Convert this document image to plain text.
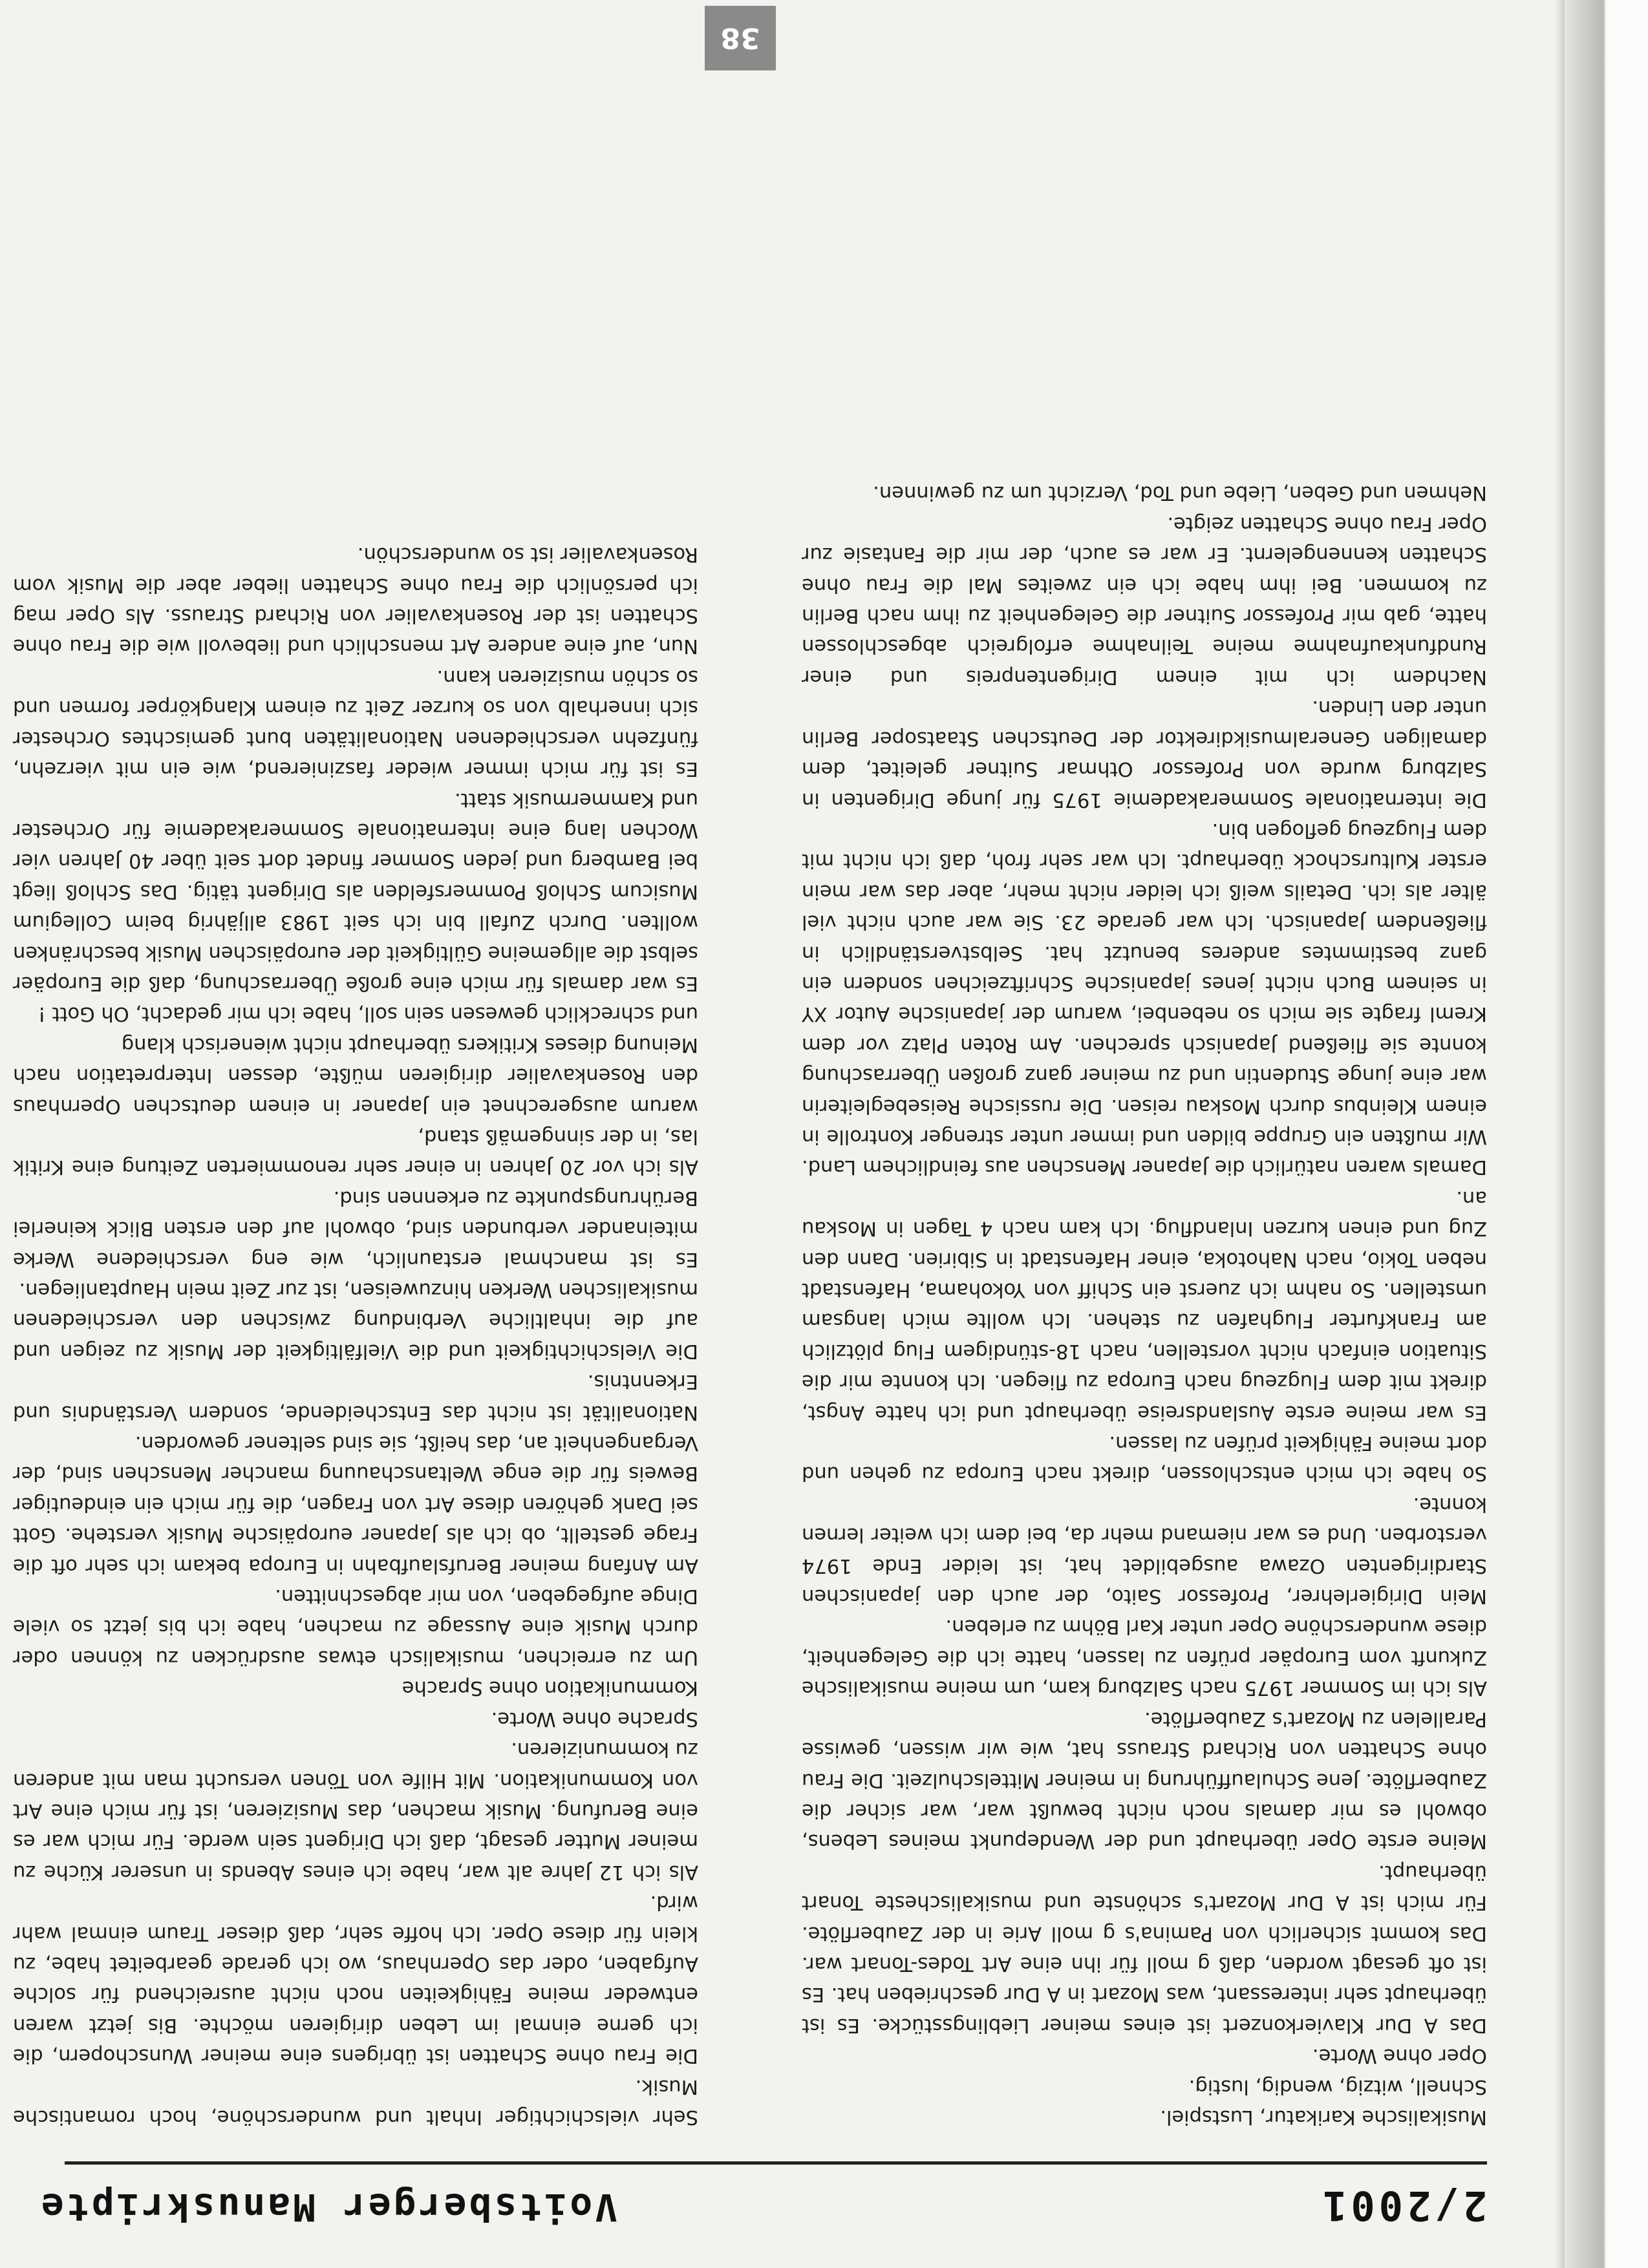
2/2001
Voitsberger Manuskripte

Musikalische Karikatur, Lustspiel.

Schnell, witzig, wendig, lustig.

Oper ohne Worte.

Das A Dur Klavierkonzert ist eines meiner Lieblingsstücke. Es ist überhaupt sehr interessant, was Mozart in A Dur geschrieben hat. Es ist oft gesagt worden, daß g moll für ihn eine Art Todes-Tonart war. Das kommt sicherlich von Pamina's g moll Arie in der Zauberflöte. Für mich ist A Dur Mozart's schönste und musikalischeste Tonart überhaupt.

Meine erste Oper überhaupt und der Wendepunkt meines Lebens, obwohl es mir damals noch nicht bewußt war, war sicher die Zauberflöte. Jene Schulaufführung in meiner Mittelschulzeit. Die Frau ohne Schatten von Richard Strauss hat, wie wir wissen, gewisse Parallelen zu Mozart's Zauberflöte.

Als ich im Sommer 1975 nach Salzburg kam, um meine musikalische Zukunft vom Europäer prüfen zu lassen, hatte ich die Gelegenheit, diese wunderschöne Oper unter Karl Böhm zu erleben.

Mein Dirigierlehrer, Professor Saito, der auch den japanischen Stardirigenten Ozawa ausgebildet hat, ist leider Ende 1974 verstorben. Und es war niemand mehr da, bei dem ich weiter lernen konnte.

So habe ich mich entschlossen, direkt nach Europa zu gehen und dort meine Fähigkeit prüfen zu lassen.

Es war meine erste Auslandsreise überhaupt und ich hatte Angst, direkt mit dem Flugzeug nach Europa zu fliegen. Ich konnte mir die Situation einfach nicht vorstellen, nach 18-stündigem Flug plötzlich am Frankfurter Flughafen zu stehen. Ich wollte mich langsam umstellen. So nahm ich zuerst ein Schiff von Yokohama, Hafenstadt neben Tokio, nach Nahotoka, einer Hafenstadt in Sibirien. Dann den Zug und einen kurzen Inlandflug. Ich kam nach 4 Tagen in Moskau an.

Damals waren natürlich die Japaner Menschen aus feindlichem Land. Wir mußten ein Gruppe bilden und immer unter strenger Kontrolle in einem Kleinbus durch Moskau reisen. Die russische Reisebegleiterin war eine junge Studentin und zu meiner ganz großen Überraschung konnte sie fließend Japanisch sprechen. Am Roten Platz vor dem Kreml fragte sie mich so nebenbei, warum der japanische Autor XY in seinem Buch nicht jenes japanische Schriftzeichen sondern ein ganz bestimmtes anderes benutzt hat. Selbstverständlich in fließendem Japanisch. Ich war gerade 23. Sie war auch nicht viel älter als ich. Details weiß ich leider nicht mehr, aber das war mein erster Kulturschock überhaupt. Ich war sehr froh, daß ich nicht mit dem Flugzeug geflogen bin.

Die internationale Sommerakademie 1975 für junge Dirigenten in Salzburg wurde von Professor Othmar Suitner geleitet, dem damaligen Generalmusikdirektor der Deutschen Staatsoper Berlin unter den Linden.

Nachdem ich mit einem Dirigentenpreis und einer Rundfunkaufnahme meine Teilnahme erfolgreich abgeschlossen hatte, gab mir Professor Suitner die Gelegenheit zu ihm nach Berlin zu kommen. Bei ihm habe ich ein zweites Mal die Frau ohne Schatten kennengelernt. Er war es auch, der mir die Fantasie zur Oper Frau ohne Schatten zeigte.

Nehmen und Geben, Liebe und Tod, Verzicht um zu gewinnen.

Sehr vielschichtiger Inhalt und wunderschöne, hoch romantische Musik.

Die Frau ohne Schatten ist übrigens eine meiner Wunschopern, die ich gerne einmal im Leben dirigieren möchte. Bis jetzt waren entweder meine Fähigkeiten noch nicht ausreichend für solche Aufgaben, oder das Opernhaus, wo ich gerade gearbeitet habe, zu klein für diese Oper. Ich hoffe sehr, daß dieser Traum einmal wahr wird.

Als ich 12 Jahre alt war, habe ich eines Abends in unserer Küche zu meiner Mutter gesagt, daß ich Dirigent sein werde. Für mich war es eine Berufung. Musik machen, das Musizieren, ist für mich eine Art von Kommunikation. Mit Hilfe von Tönen versucht man mit anderen zu kommunizieren.

Sprache ohne Worte.

Kommunikation ohne Sprache

Um zu erreichen, musikalisch etwas ausdrücken zu können oder durch Musik eine Aussage zu machen, habe ich bis jetzt so viele Dinge aufgegeben, von mir abgeschnitten.

Am Anfang meiner Berufslaufbahn in Europa bekam ich sehr oft die Frage gestellt, ob ich als Japaner europäische Musik verstehe. Gott sei Dank gehören diese Art von Fragen, die für mich ein eindeutiger Beweis für die enge Weltanschauung mancher Menschen sind, der Vergangenheit an, das heißt, sie sind seltener geworden.

Nationalität ist nicht das Entscheidende, sondern Verständnis und Erkenntnis.

Die Vielschichtigkeit und die Vielfältigkeit der Musik zu zeigen und auf die inhaltliche Verbindung zwischen den verschiedenen musikalischen Werken hinzuweisen, ist zur Zeit mein Hauptanliegen.

Es ist manchmal erstaunlich, wie eng verschiedene Werke miteinander verbunden sind, obwohl auf den ersten Blick keinerlei Berührungspunkte zu erkennen sind.

Als ich vor 20 Jahren in einer sehr renommierten Zeitung eine Kritik las, in der sinngemäß stand,

warum ausgerechnet ein Japaner in einem deutschen Opernhaus den Rosenkavalier dirigieren müßte, dessen Interpretation nach Meinung dieses Kritikers überhaupt nicht wienerisch klang

und schrecklich gewesen sein soll, habe ich mir gedacht, Oh Gott !

Es war damals für mich eine große Überraschung, daß die Europäer selbst die allgemeine Gültigkeit der europäischen Musik beschränken wollten. Durch Zufall bin ich seit 1983 alljährig beim Collegium Musicum Schloß Pommersfelden als Dirigent tätig. Das Schloß liegt bei Bamberg und jeden Sommer findet dort seit über 40 Jahren vier Wochen lang eine internationale Sommerakademie für Orchester und Kammermusik statt.

Es ist für mich immer wieder faszinierend, wie ein mit vierzehn, fünfzehn verschiedenen Nationalitäten bunt gemischtes Orchester sich innerhalb von so kurzer Zeit zu einem Klangkörper formen und so schön musizieren kann.

Nun, auf eine andere Art menschlich und liebevoll wie die Frau ohne Schatten ist der Rosenkavalier von Richard Strauss. Als Oper mag ich persönlich die Frau ohne Schatten lieber aber die Musik vom Rosenkavalier ist so wunderschön.

38
